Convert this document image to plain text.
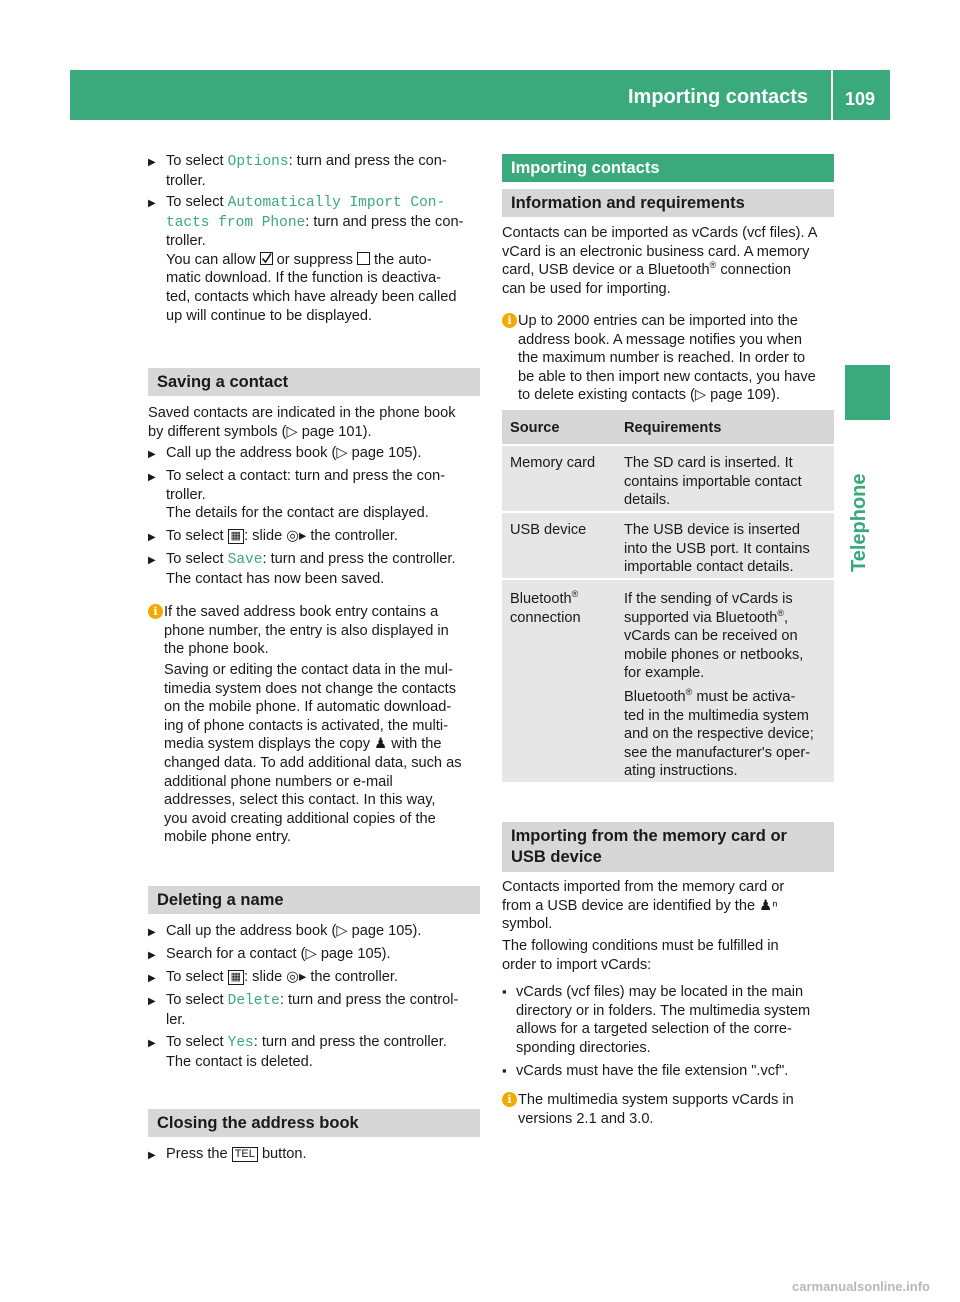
Importing contacts 109
Telephone

▶ To select Options: turn and press the con-

troller.

▶ To select Automatically Import Con‐

tacts from Phone: turn and press the con-

troller.

You can allow
or suppress  the auto-

matic download. If the function is deactiva-

ted, contacts which have already been called

up will continue to be displayed.

Saving a contact

Saved contacts are indicated in the phone book

by different symbols (▷ page 101).

▶ Call up the address book (▷ page 105).

▶ To select a contact: turn and press the con-

troller.

The details for the contact are displayed.

▶ To select ▦ : slide ◎▸ the controller.

▶ To select Save: turn and press the controller.

The contact has now been saved.

i If the saved address book entry contains a

phone number, the entry is also displayed in

the phone book.

Saving or editing the contact data in the mul-

timedia system does not change the contacts

on the mobile phone. If automatic download-

ing of phone contacts is activated, the multi-

media system displays the copy ♟ with the

changed data. To add additional data, such as

additional phone numbers or e-mail

addresses, select this contact. In this way,

you avoid creating additional copies of the

mobile phone entry.

Deleting a name

▶ Call up the address book (▷ page 105).

▶ Search for a contact (▷ page 105).

▶ To select ▦ : slide ◎▸ the controller.

▶ To select Delete: turn and press the control-

ler.

▶ To select Yes: turn and press the controller.

The contact is deleted.

Closing the address book

▶ Press the TEL button.

Importing contacts
Information and requirements

Contacts can be imported as vCards (vcf files). A

vCard is an electronic business card. A memory

card, USB device or a Bluetooth® connection

can be used for importing.

i Up to 2000 entries can be imported into the

address book. A message notifies you when

the maximum number is reached. In order to

be able to then import new contacts, you have

to delete existing contacts (▷ page 109).

Source	Requirements
Memory card The SD card is inserted. It

contains importable contact

details.

USB device	The USB device is inserted

into the USB port. It contains

importable contact details.

Bluetooth®

connection

If the sending of vCards is

supported via Bluetooth®,

vCards can be received on

mobile phones or netbooks,

for example.

Bluetooth® must be activa-

ted in the multimedia system

and on the respective device;

see the manufacturer's oper-

ating instructions.

Importing from the memory card or

USB device

Contacts imported from the memory card or

from a USB device are identified by the ♟ⁿ

symbol.

The following conditions must be fulfilled in

order to import vCards:

▪ vCards (vcf files) may be located in the main

directory or in folders. The multimedia system

allows for a targeted selection of the corre-

sponding directories.

▪ vCards must have the file extension ".vcf".

i The multimedia system supports vCards in

versions 2.1 and 3.0.

carmanualsonline.info
